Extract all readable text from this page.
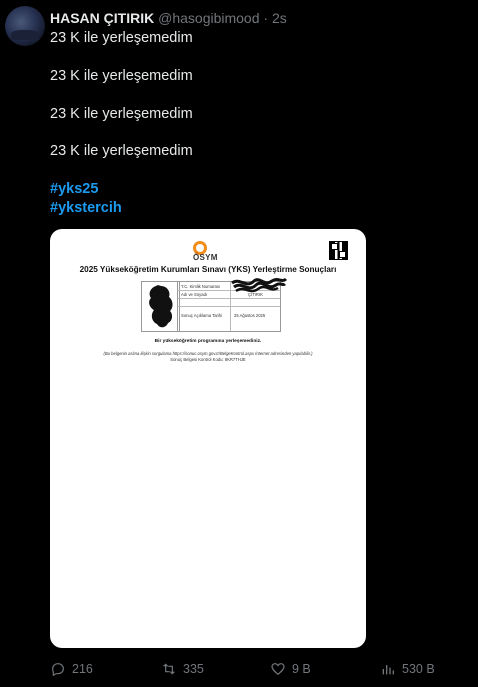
HASAN ÇITIRIK @hasogibimood · 2s
23 K ile yerleşemedim
23 K ile yerleşemedim
23 K ile yerleşemedim
23 K ile yerleşemedim
#yks25
#ykstercih
ÖSYM
2025 Yükseköğretim Kurumları Sınavı (YKS) Yerleştirme Sonuçları
T.C. Kimlik Numarası
Adı ve Soyadı	ÇITIRIK
Sonuç Açıklama Tarihi	25 Ağustos 2025
Bir yükseköğretim programına yerleşemediniz.
(Bu belgenin aslına ilişkin sorgulama https://sonuc.osym.gov.tr/BelgeKontrol.aspx İnternet adresinden yapılabilir.)
Sonuç Belgesi Kontrol Kodu: 8KR7THJE
216	335	9 B	530 B
